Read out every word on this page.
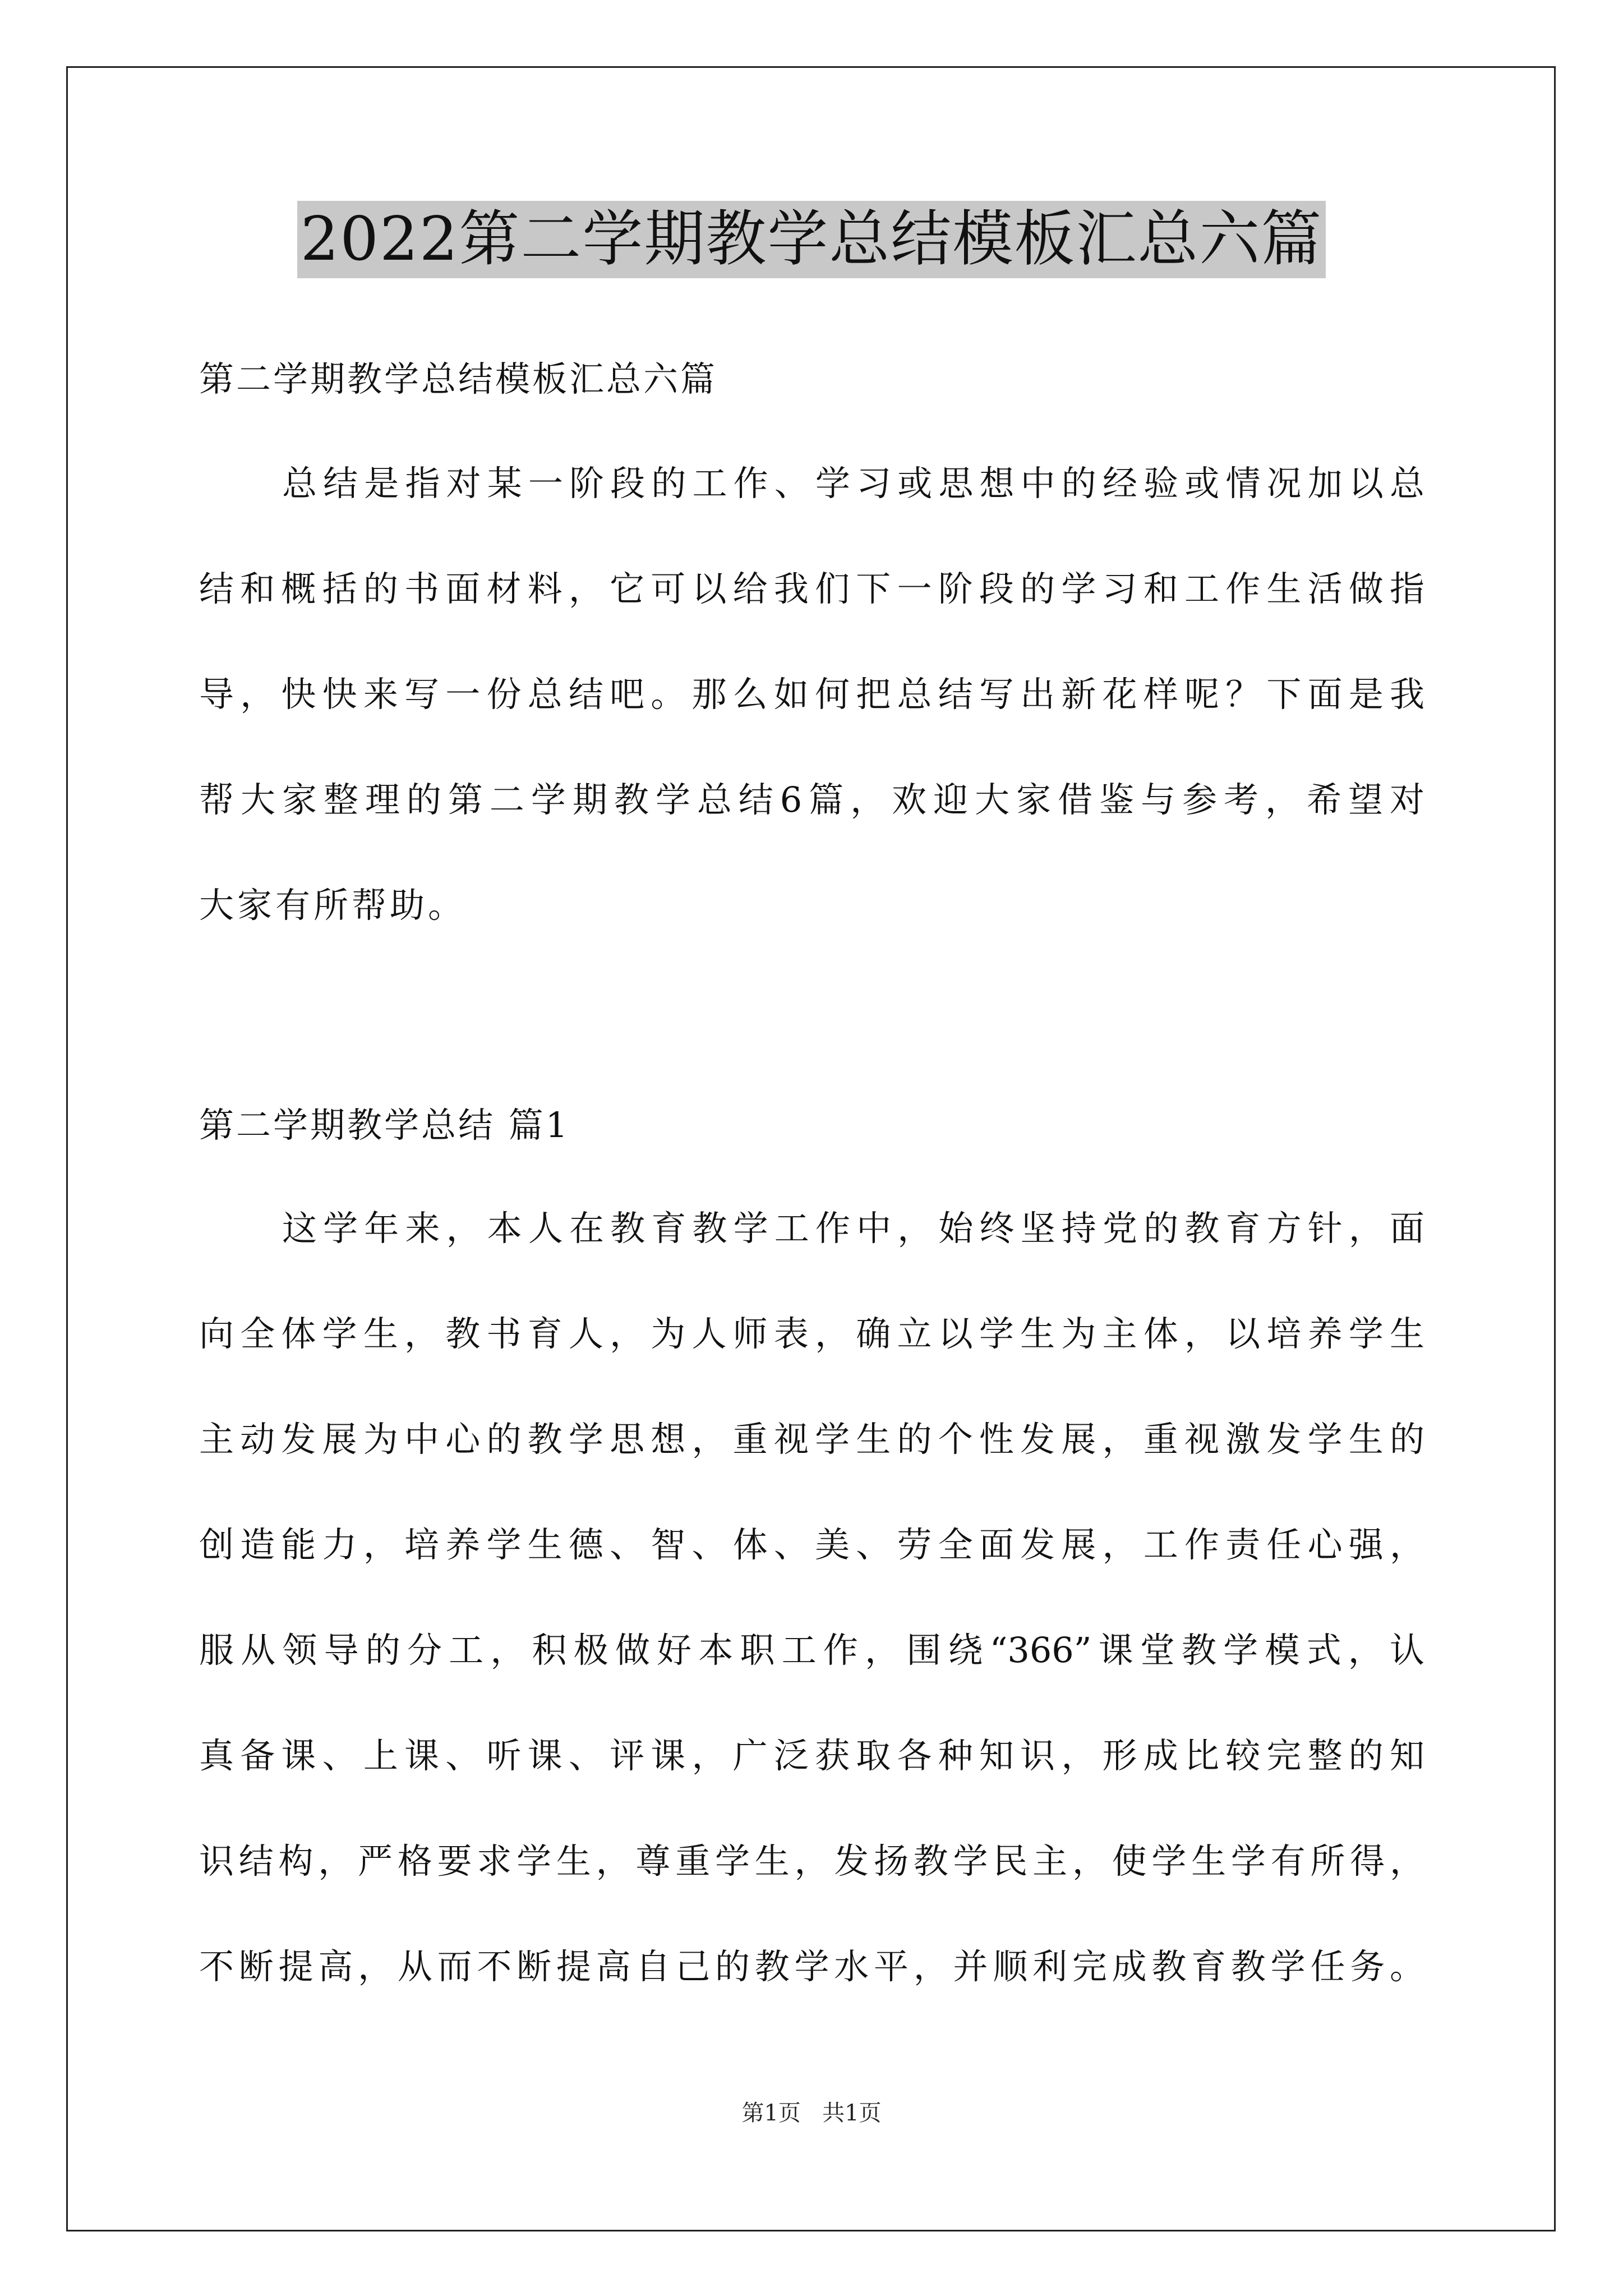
2022第二学期教学总结模板汇总六篇
第二学期教学总结模板汇总六篇
总结是指对某一阶段的工作、学习或思想中的经验或情况加以总
结和概括的书面材料，它可以给我们下一阶段的学习和工作生活做指
导，快快来写一份总结吧。那么如何把总结写出新花样呢？下面是我
帮大家整理的第二学期教学总结6篇，欢迎大家借鉴与参考，希望对
大家有所帮助。
第二学期教学总结 篇1
这学年来，本人在教育教学工作中，始终坚持党的教育方针，面
向全体学生，教书育人，为人师表，确立以学生为主体，以培养学生
主动发展为中心的教学思想，重视学生的个性发展，重视激发学生的
创造能力，培养学生德、智、体、美、劳全面发展，工作责任心强，
服从领导的分工，积极做好本职工作，围绕“366”课堂教学模式，认
真备课、上课、听课、评课，广泛获取各种知识，形成比较完整的知
识结构，严格要求学生，尊重学生，发扬教学民主，使学生学有所得，
不断提高，从而不断提高自己的教学水平，并顺利完成教育教学任务。
第1页 共1页
